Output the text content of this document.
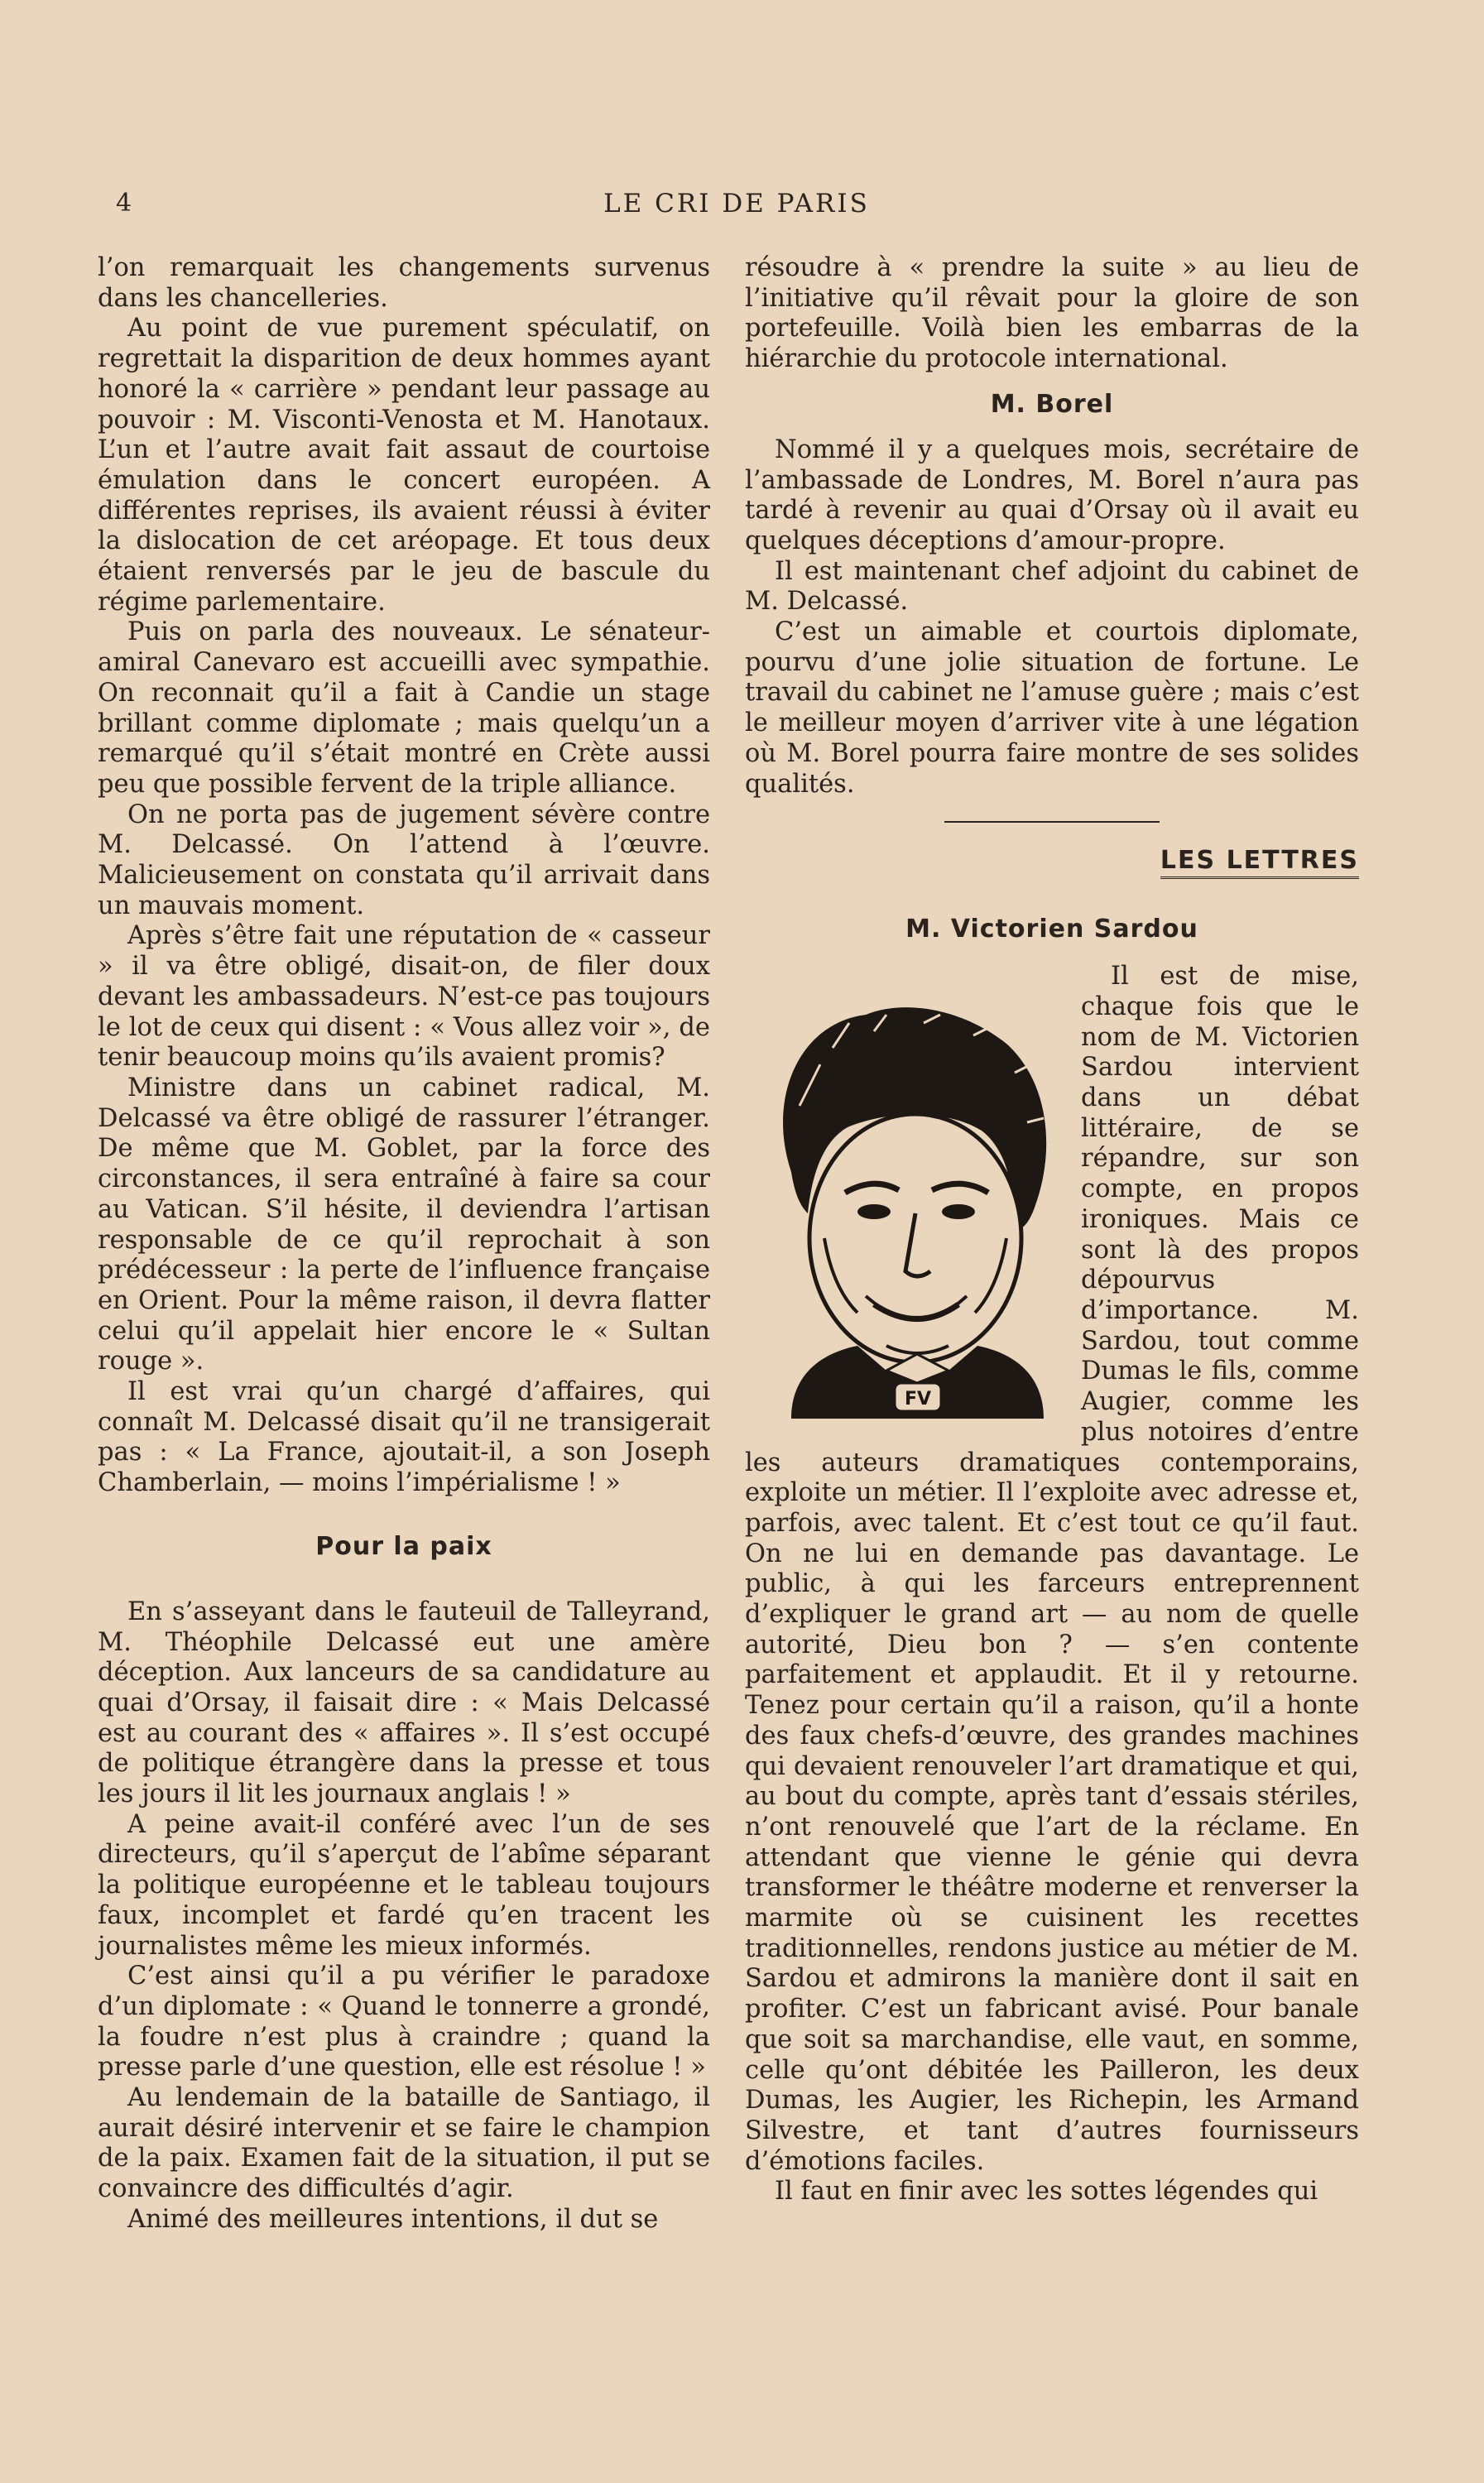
4	LE CRI DE PARIS

l’on remarquait les changements survenus dans les chancelleries.

Au point de vue purement spéculatif, on regrettait la disparition de deux hommes ayant honoré la « carrière » pendant leur passage au pouvoir : M. Visconti-Venosta et M. Hanotaux. L’un et l’autre avait fait assaut de courtoise émulation dans le concert européen. A différentes reprises, ils avaient réussi à éviter la dislocation de cet aréopage. Et tous deux étaient renversés par le jeu de bascule du régime parlementaire.

Puis on parla des nouveaux. Le sénateur-amiral Canevaro est accueilli avec sympathie. On reconnait qu’il a fait à Candie un stage brillant comme diplomate ; mais quelqu’un a remarqué qu’il s’était montré en Crète aussi peu que possible fervent de la triple alliance.

On ne porta pas de jugement sévère contre M. Delcassé. On l’attend à l’œuvre. Malicieusement on constata qu’il arrivait dans un mauvais moment.

Après s’être fait une réputation de « casseur » il va être obligé, disait-on, de filer doux devant les ambassadeurs. N’est-ce pas toujours le lot de ceux qui disent : « Vous allez voir », de tenir beaucoup moins qu’ils avaient promis?

Ministre dans un cabinet radical, M. Delcassé va être obligé de rassurer l’étranger. De même que M. Goblet, par la force des circonstances, il sera entraîné à faire sa cour au Vatican. S’il hésite, il deviendra l’artisan responsable de ce qu’il reprochait à son prédécesseur : la perte de l’influence française en Orient. Pour la même raison, il devra flatter celui qu’il appelait hier encore le « Sultan rouge ».

Il est vrai qu’un chargé d’affaires, qui connaît M. Delcassé disait qu’il ne transigerait pas : « La France, ajoutait-il, a son Joseph Chamberlain, — moins l’impérialisme ! »

Pour la paix

En s’asseyant dans le fauteuil de Talleyrand, M. Théophile Delcassé eut une amère déception. Aux lanceurs de sa candidature au quai d’Orsay, il faisait dire : « Mais Delcassé est au courant des « affaires ». Il s’est occupé de politique étrangère dans la presse et tous les jours il lit les journaux anglais ! »

A peine avait-il conféré avec l’un de ses directeurs, qu’il s’aperçut de l’abîme séparant la politique européenne et le tableau toujours faux, incomplet et fardé qu’en tracent les journalistes même les mieux informés.

C’est ainsi qu’il a pu vérifier le paradoxe d’un diplomate : « Quand le tonnerre a grondé, la foudre n’est plus à craindre ; quand la presse parle d’une question, elle est résolue ! »

Au lendemain de la bataille de Santiago, il aurait désiré intervenir et se faire le champion de la paix. Examen fait de la situation, il put se convaincre des difficultés d’agir.

Animé des meilleures intentions, il dut se

résoudre à « prendre la suite » au lieu de l’initiative qu’il rêvait pour la gloire de son portefeuille. Voilà bien les embarras de la hiérarchie du protocole international.

M. Borel

Nommé il y a quelques mois, secrétaire de l’ambassade de Londres, M. Borel n’aura pas tardé à revenir au quai d’Orsay où il avait eu quelques déceptions d’amour-propre.

Il est maintenant chef adjoint du cabinet de M. Delcassé.

C’est un aimable et courtois diplomate, pourvu d’une jolie situation de fortune. Le travail du cabinet ne l’amuse guère ; mais c’est le meilleur moyen d’arriver vite à une légation où M. Borel pourra faire montre de ses solides qualités.

LES LETTRES
M. Victorien Sardou
FV

Il est de mise, chaque fois que le nom de M. Victorien Sardou intervient dans un débat littéraire, de se répandre, sur son compte, en propos ironiques. Mais ce sont là des propos dépourvus d’importance. M. Sardou, tout comme Dumas le fils, comme Augier, comme les plus notoires d’entre les auteurs dramatiques contemporains, exploite un métier. Il l’exploite avec adresse et, parfois, avec talent. Et c’est tout ce qu’il faut. On ne lui en demande pas davantage. Le public, à qui les farceurs entreprennent d’expliquer le grand art — au nom de quelle autorité, Dieu bon ? — s’en contente parfaitement et applaudit. Et il y retourne. Tenez pour certain qu’il a raison, qu’il a honte des faux chefs-d’œuvre, des grandes machines qui devaient renouveler l’art dramatique et qui, au bout du compte, après tant d’essais stériles, n’ont renouvelé que l’art de la réclame. En attendant que vienne le génie qui devra transformer le théâtre moderne et renverser la marmite où se cuisinent les recettes traditionnelles, rendons justice au métier de M. Sardou et admirons la manière dont il sait en profiter. C’est un fabricant avisé. Pour banale que soit sa marchandise, elle vaut, en somme, celle qu’ont débitée les Pailleron, les deux Dumas, les Augier, les Richepin, les Armand Silvestre, et tant d’autres fournisseurs d’émotions faciles.

Il faut en finir avec les sottes légendes qui
